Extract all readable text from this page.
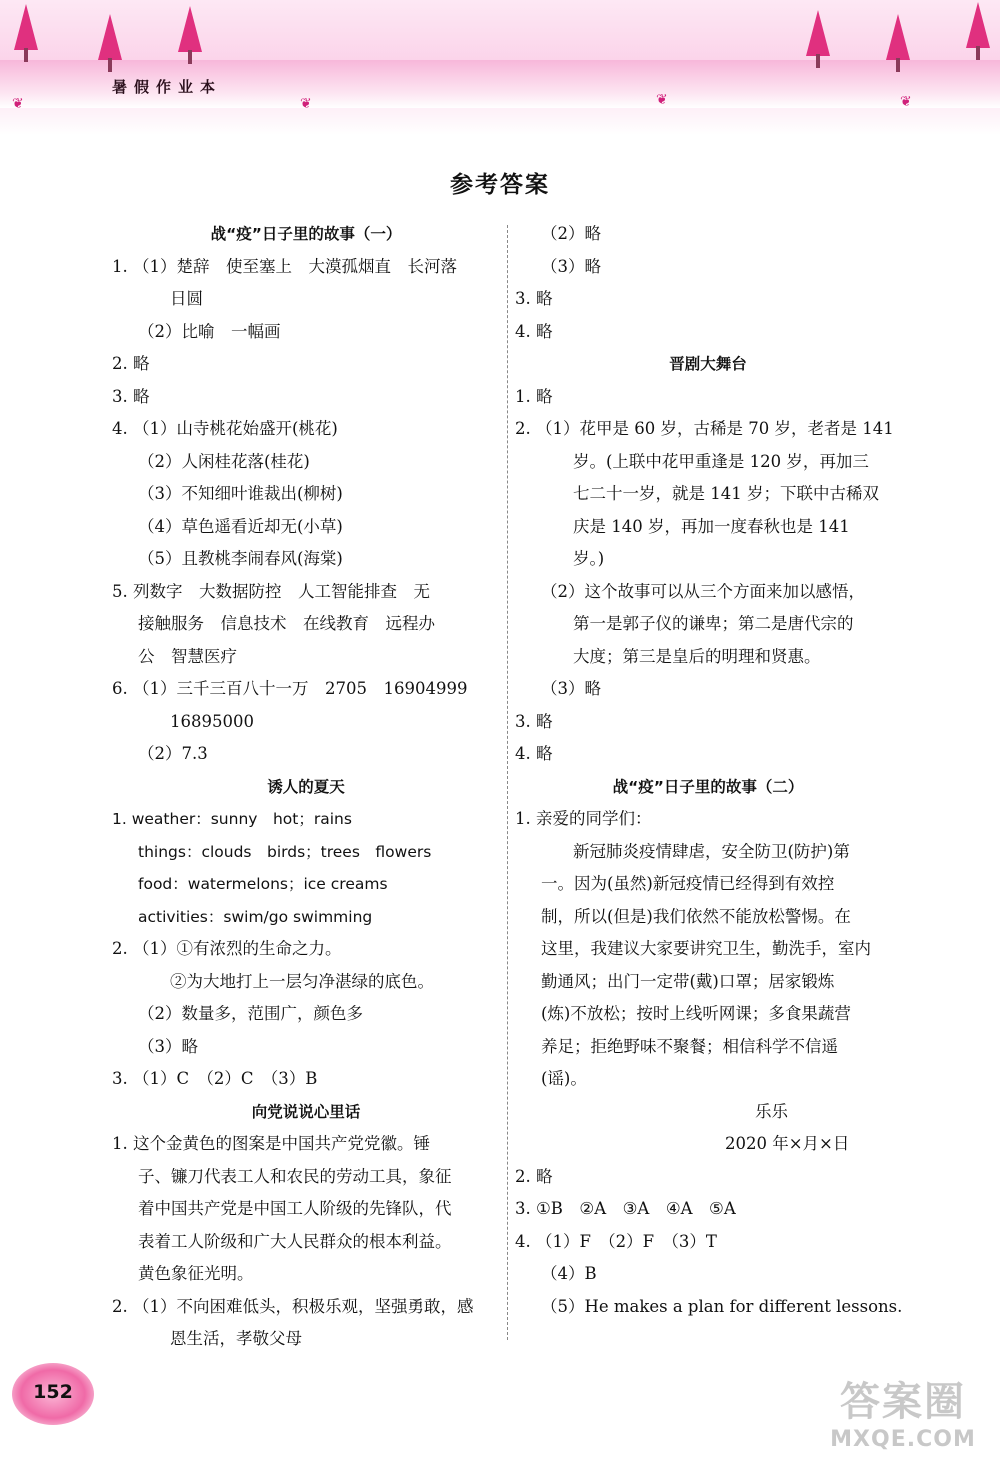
❦	❦	❦	❦
暑假作业本
参考答案
战“疫”日子里的故事（一）
1. （1）楚辞　使至塞上　大漠孤烟直　长河落
日圆
（2）比喻　一幅画
2. 略
3. 略
4. （1）山寺桃花始盛开(桃花)
（2）人闲桂花落(桂花)
（3）不知细叶谁裁出(柳树)
（4）草色遥看近却无(小草)
（5）且教桃李闹春风(海棠)
5. 列数字　大数据防控　人工智能排查　无
接触服务　信息技术　在线教育　远程办
公　智慧医疗
6. （1）三千三百八十一万　2705　16904999
16895000
（2）7.3
诱人的夏天
1. weather：sunny　hot；rains
things：clouds　birds；trees　flowers
food：watermelons；ice creams
activities：swim/go swimming
2. （1）①有浓烈的生命之力。
②为大地打上一层匀净湛绿的底色。
（2）数量多，范围广，颜色多
（3）略
3. （1）C　（2）C　（3）B
向党说说心里话
1. 这个金黄色的图案是中国共产党党徽。锤
子、镰刀代表工人和农民的劳动工具，象征
着中国共产党是中国工人阶级的先锋队，代
表着工人阶级和广大人民群众的根本利益。
黄色象征光明。
2. （1）不向困难低头，积极乐观，坚强勇敢，感
恩生活，孝敬父母
（2）略
（3）略
3. 略
4. 略
晋剧大舞台
1. 略
2. （1）花甲是 60 岁，古稀是 70 岁，老者是 141
岁。(上联中花甲重逢是 120 岁，再加三
七二十一岁，就是 141 岁；下联中古稀双
庆是 140 岁，再加一度春秋也是 141
岁。)
（2）这个故事可以从三个方面来加以感悟，
第一是郭子仪的谦卑；第二是唐代宗的
大度；第三是皇后的明理和贤惠。
（3）略
3. 略
4. 略
战“疫”日子里的故事（二）
1. 亲爱的同学们：
新冠肺炎疫情肆虐，安全防卫(防护)第
一。因为(虽然)新冠疫情已经得到有效控
制，所以(但是)我们依然不能放松警惕。在
这里，我建议大家要讲究卫生，勤洗手，室内
勤通风；出门一定带(戴)口罩；居家锻炼
(炼)不放松；按时上线听网课；多食果蔬营
养足；拒绝野味不聚餐；相信科学不信遥
(谣)。
乐乐
2020 年×月×日
2. 略
3. ①B　②A　③A　④A　⑤A
4. （1）F　（2）F　（3）T
（4）B
（5）He makes a plan for different lessons.
152	答案圈
MXQE.COM
